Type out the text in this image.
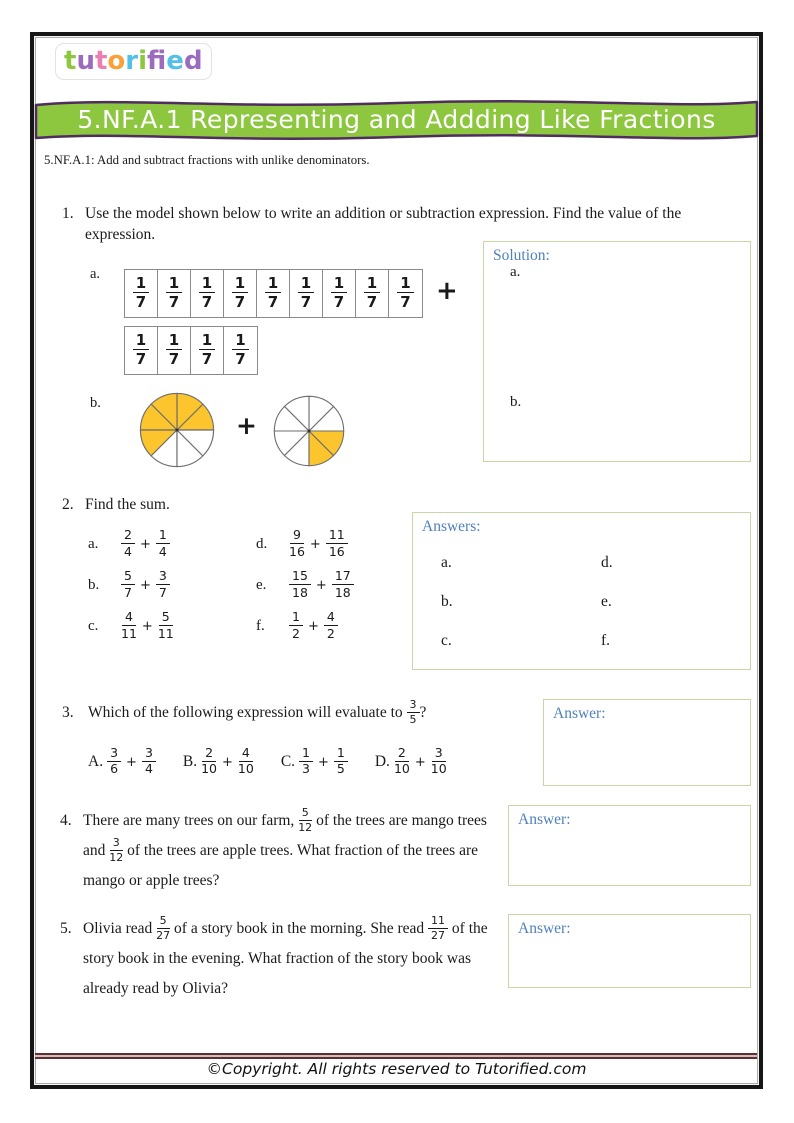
tutorifed
5.NF.A.1 Representing and Addding Like Fractions
5.NF.A.1: Add and subtract fractions with unlike denominators.
1. Use the model shown below to write an addition or subtraction expression. Find the value of the expression.
a.
$\frac{1}{7} \frac{1}{7} \frac{1}{7} \frac{1}{7} \frac{1}{7} \frac{1}{7} \frac{1}{7} \frac{1}{7} \frac{1}{7}$ +
$\frac{1}{7} \frac{1}{7} \frac{1}{7} \frac{1}{7}$
b.
+
Solution:
a.
b.
2. Find the sum.
a.	$\frac{2}{4} + \frac{1}{4}$
b.	$\frac{5}{7} + \frac{3}{7}$
c.	$\frac{4}{11} + \frac{5}{11}$
d.	$\frac{9}{16} + \frac{11}{16}$
e.	$\frac{15}{18} + \frac{17}{18}$
f.	$\frac{1}{2} + \frac{4}{2}$
Answers:
a.
b.
c.
d.
e.
f.
3. Which of the following expression will evaluate to $\frac{3}{5}$ ?
A. $\frac{3}{6} + \frac{3}{4} B$. $\frac{2}{10} + \frac{4}{10} C$. $\frac{1}{3} + \frac{1}{5} D$. $\frac{2}{10} + \frac{3}{10}$
Answer:
4. There are many trees on our farm, $\frac{5}{12}$ of the trees are mango trees and $\frac{3}{12}$ of the trees are apple trees. What fraction of the trees are mango or apple trees?
Answer:
5. Olivia read $\frac{5}{27}$ of a story book in the morning. She read $\frac{11}{27}$ of the story book in the evening. What fraction of the story book was already read by Olivia?
Answer:
©Copyright. All rights reserved to Tutorified.com
